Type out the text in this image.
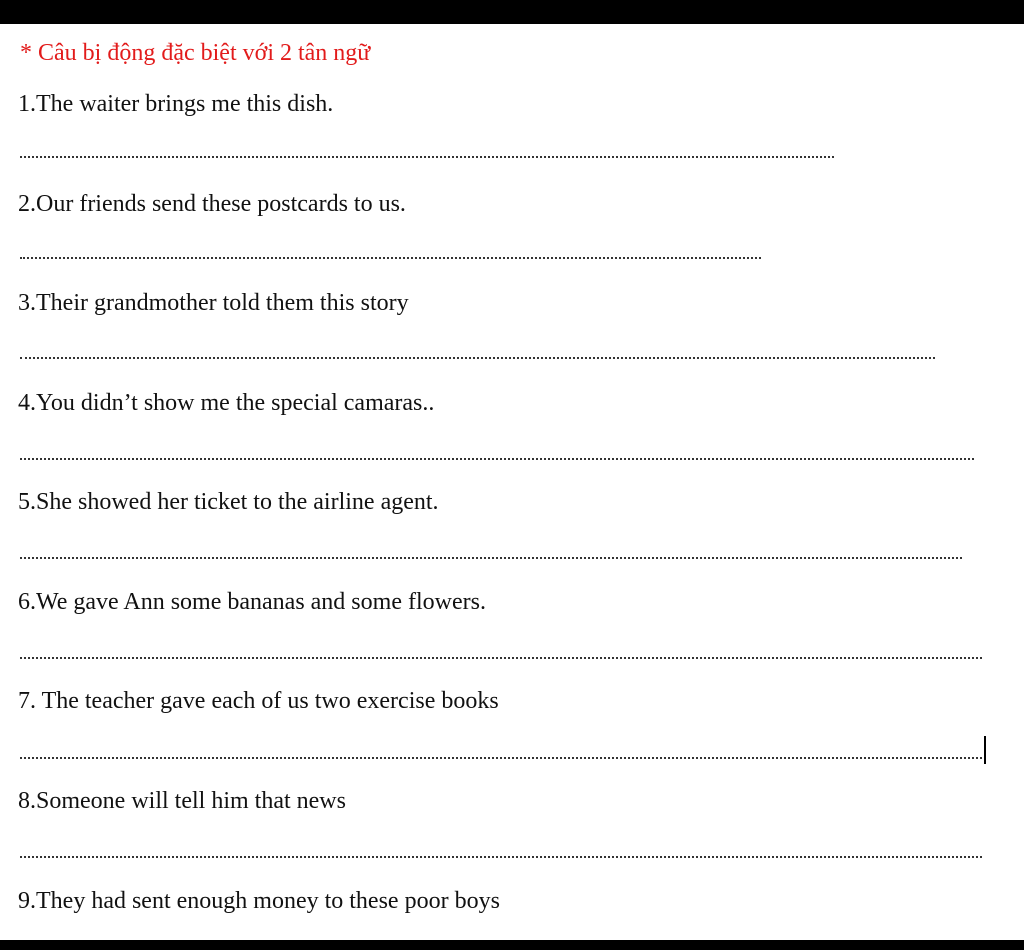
* Câu bị động đặc biệt với 2 tân ngữ
1.The waiter brings me this dish.
2.Our friends send these postcards to us.
3.Their grandmother told them this story
4.You didn’t show me the special camaras..
5.She showed her ticket to the airline agent.
6.We gave Ann some bananas and some flowers.
7. The teacher gave each of us two exercise books
8.Someone will tell him that news
9.They had sent enough money to these poor boys
